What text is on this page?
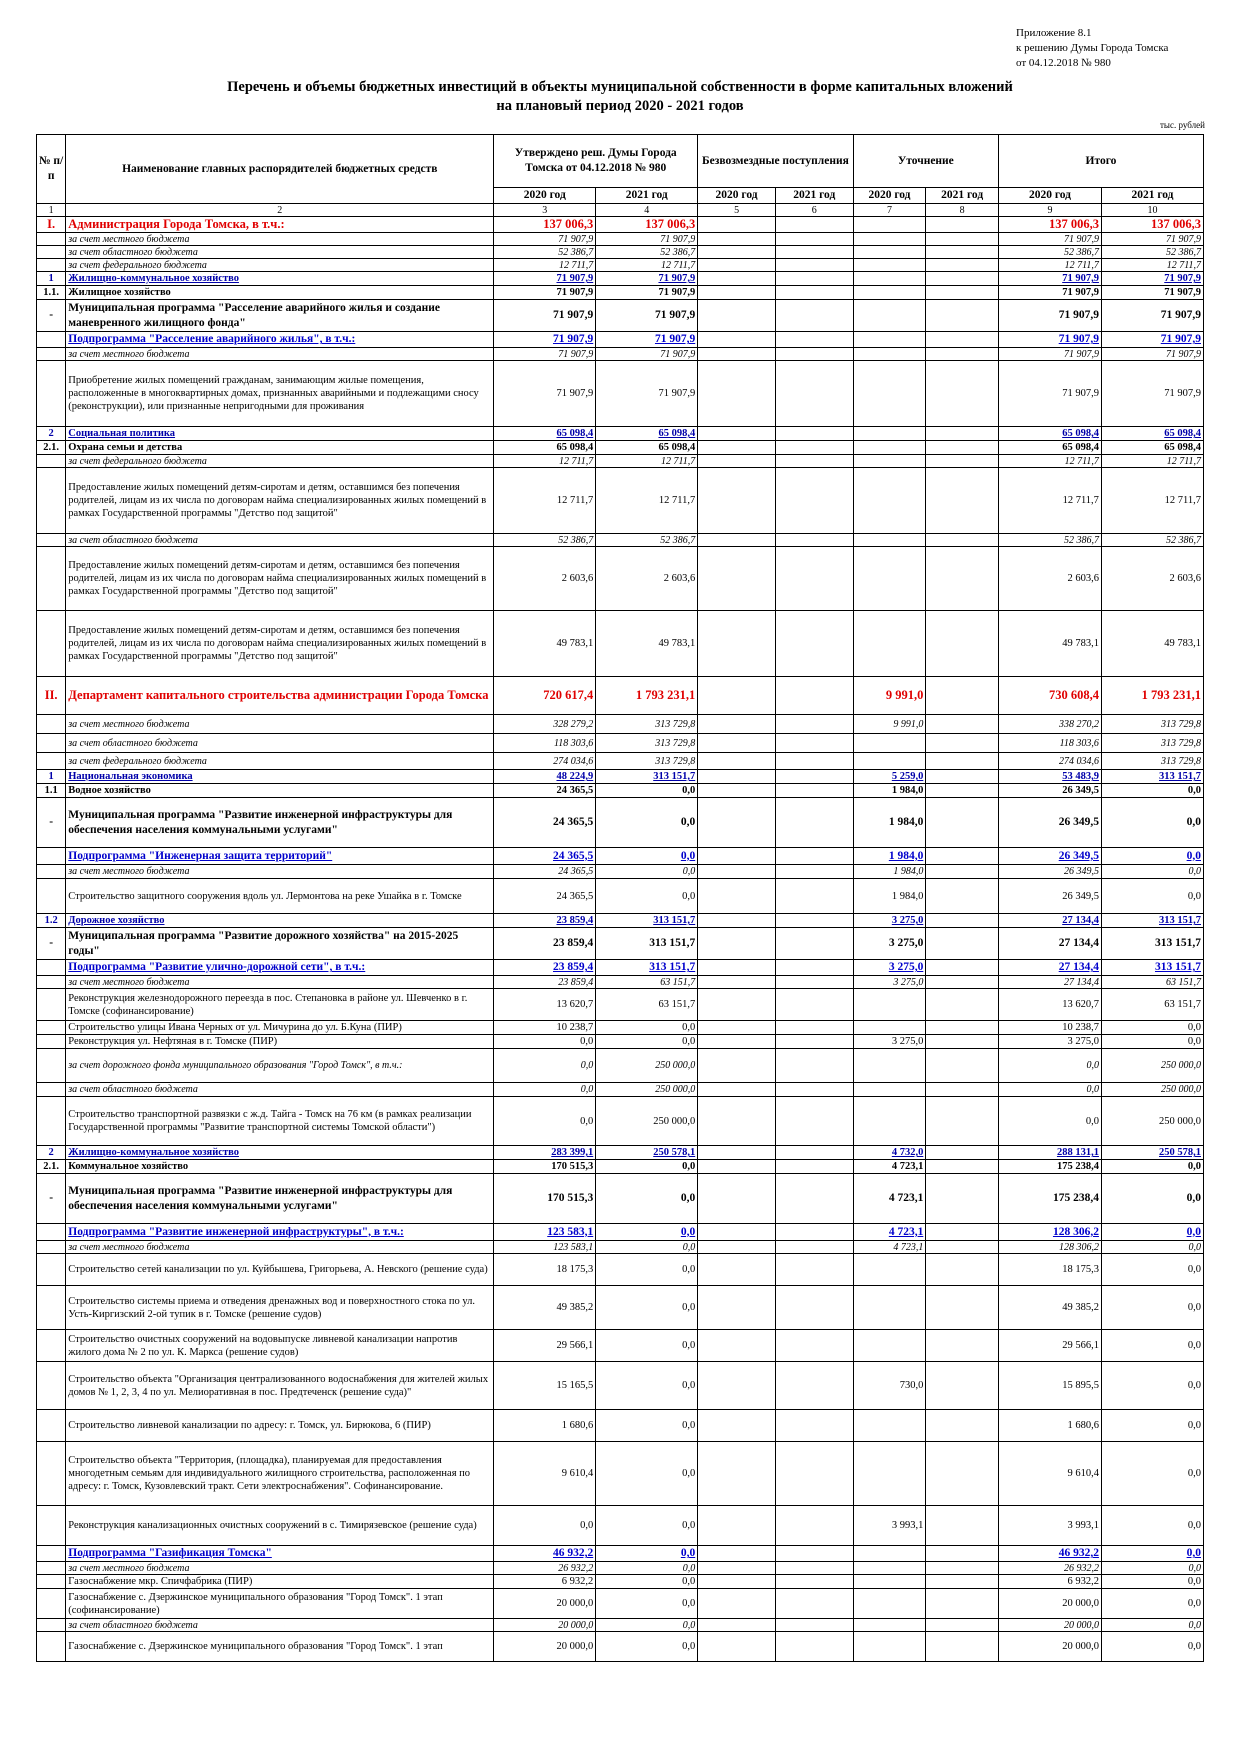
Приложение 8.1
к решению Думы Города Томска
от 04.12.2018 № 980
Перечень и объемы бюджетных инвестиций в объекты муниципальной собственности в форме капитальных вложений
на плановый период 2020 - 2021 годов
тыс. рублей
№ п/п	Наименование главных распорядителей бюджетных средств	Утверждено реш. Думы Города Томска от 04.12.2018 № 980		Безвозмездные поступления		Уточнение		Итого	
		2020 год	2021 год	2020 год	2021 год	2020 год	2021 год	2020 год	2021 год
1	2	3	4	5	6	7	8	9	10
I.	Администрация Города Томска, в т.ч.:	137 006,3	137 006,3					137 006,3	137 006,3
	за счет местного бюджета	71 907,9	71 907,9					71 907,9	71 907,9
	за счет областного бюджета	52 386,7	52 386,7					52 386,7	52 386,7
	за счет федерального бюджета	12 711,7	12 711,7					12 711,7	12 711,7
1	Жилищно-коммунальное хозяйство	71 907,9	71 907,9					71 907,9	71 907,9
1.1.	Жилищное хозяйство	71 907,9	71 907,9					71 907,9	71 907,9
-	Муниципальная программа "Расселение аварийного жилья и создание маневренного жилищного фонда"	71 907,9	71 907,9					71 907,9	71 907,9
	Подпрограмма "Расселение аварийного жилья", в т.ч.:	71 907,9	71 907,9					71 907,9	71 907,9
	за счет местного бюджета	71 907,9	71 907,9					71 907,9	71 907,9
	Приобретение жилых помещений гражданам, занимающим жилые помещения, расположенные в многоквартирных домах, признанных аварийными и подлежащими сносу (реконструкции), или признанные непригодными для проживания	71 907,9	71 907,9					71 907,9	71 907,9
2	Социальная политика	65 098,4	65 098,4					65 098,4	65 098,4
2.1.	Охрана семьи и детства	65 098,4	65 098,4					65 098,4	65 098,4
	за счет федерального бюджета	12 711,7	12 711,7					12 711,7	12 711,7
	Предоставление жилых помещений детям-сиротам и детям, оставшимся без попечения родителей, лицам из их числа по договорам найма специализированных жилых помещений в рамках Государственной программы "Детство под защитой"	12 711,7	12 711,7					12 711,7	12 711,7
	за счет областного бюджета	52 386,7	52 386,7					52 386,7	52 386,7
	Предоставление жилых помещений детям-сиротам и детям, оставшимся без попечения родителей, лицам из их числа по договорам найма специализированных жилых помещений в рамках Государственной программы "Детство под защитой"	2 603,6	2 603,6					2 603,6	2 603,6
	Предоставление жилых помещений детям-сиротам и детям, оставшимся без попечения родителей, лицам из их числа по договорам найма специализированных жилых помещений в рамках Государственной программы "Детство под защитой"	49 783,1	49 783,1					49 783,1	49 783,1
II.	Департамент капитального строительства администрации Города Томска	720 617,4	1 793 231,1			9 991,0		730 608,4	1 793 231,1
	за счет местного бюджета	328 279,2	313 729,8			9 991,0		338 270,2	313 729,8
	за счет областного бюджета	118 303,6	313 729,8					118 303,6	313 729,8
	за счет федерального бюджета	274 034,6	313 729,8					274 034,6	313 729,8
1	Национальная экономика	48 224,9	313 151,7			5 259,0		53 483,9	313 151,7
1.1	Водное хозяйство	24 365,5	0,0			1 984,0		26 349,5	0,0
-	Муниципальная программа "Развитие инженерной инфраструктуры для обеспечения населения коммунальными услугами"	24 365,5	0,0			1 984,0		26 349,5	0,0
	Подпрограмма "Инженерная защита территорий"	24 365,5	0,0			1 984,0		26 349,5	0,0
	за счет местного бюджета	24 365,5	0,0			1 984,0		26 349,5	0,0
	Строительство защитного сооружения вдоль ул. Лермонтова на реке Ушайка в г. Томске	24 365,5	0,0			1 984,0		26 349,5	0,0
1.2	Дорожное хозяйство	23 859,4	313 151,7			3 275,0		27 134,4	313 151,7
-	Муниципальная программа "Развитие дорожного хозяйства" на 2015-2025 годы"	23 859,4	313 151,7			3 275,0		27 134,4	313 151,7
	Подпрограмма "Развитие улично-дорожной сети", в т.ч.:	23 859,4	313 151,7			3 275,0		27 134,4	313 151,7
	за счет местного бюджета	23 859,4	63 151,7			3 275,0		27 134,4	63 151,7
	Реконструкция железнодорожного переезда в пос. Степановка в районе ул. Шевченко в г. Томске (софинансирование)	13 620,7	63 151,7					13 620,7	63 151,7
	Строительство улицы Ивана Черных от ул. Мичурина до ул. Б.Куна (ПИР)	10 238,7	0,0					10 238,7	0,0
	Реконструкция ул. Нефтяная в г. Томске (ПИР)	0,0	0,0			3 275,0		3 275,0	0,0
	за счет дорожного фонда муниципального образования "Город Томск", в т.ч.:	0,0	250 000,0					0,0	250 000,0
	за счет областного бюджета	0,0	250 000,0					0,0	250 000,0
	Строительство транспортной развязки с ж.д. Тайга - Томск на 76 км (в рамках реализации Государственной программы "Развитие транспортной системы Томской области")	0,0	250 000,0					0,0	250 000,0
2	Жилищно-коммунальное хозяйство	283 399,1	250 578,1			4 732,0		288 131,1	250 578,1
2.1.	Коммунальное хозяйство	170 515,3	0,0			4 723,1		175 238,4	0,0
-	Муниципальная программа "Развитие инженерной инфраструктуры для обеспечения населения коммунальными услугами"	170 515,3	0,0			4 723,1		175 238,4	0,0
	Подпрограмма "Развитие инженерной инфраструктуры", в т.ч.:	123 583,1	0,0			4 723,1		128 306,2	0,0
	за счет местного бюджета	123 583,1	0,0			4 723,1		128 306,2	0,0
	Строительство сетей канализации по ул. Куйбышева, Григорьева, А. Невского (решение суда)	18 175,3	0,0					18 175,3	0,0
	Строительство системы приема и отведения дренажных вод и поверхностного стока по ул. Усть-Киргизский 2-ой тупик в г. Томске (решение судов)	49 385,2	0,0					49 385,2	0,0
	Строительство очистных сооружений на водовыпуске ливневой канализации напротив жилого дома № 2 по ул. К. Маркса (решение судов)	29 566,1	0,0					29 566,1	0,0
	Строительство объекта "Организация централизованного водоснабжения для жителей жилых домов № 1, 2, 3, 4 по ул. Мелиоративная в пос. Предтеченск (решение суда)"	15 165,5	0,0			730,0		15 895,5	0,0
	Строительство ливневой канализации по адресу: г. Томск, ул. Бирюкова, 6 (ПИР)	1 680,6	0,0					1 680,6	0,0
	Строительство объекта "Территория, (площадка), планируемая для предоставления многодетным семьям для индивидуального жилищного строительства, расположенная по адресу: г. Томск, Кузовлевский тракт. Сети электроснабжения". Софинансирование.	9 610,4	0,0					9 610,4	0,0
	Реконструкция канализационных очистных сооружений в с. Тимирязевское (решение суда)	0,0	0,0			3 993,1		3 993,1	0,0
	Подпрограмма "Газификация Томска"	46 932,2	0,0					46 932,2	0,0
	за счет местного бюджета	26 932,2	0,0					26 932,2	0,0
	Газоснабжение мкр. Спичфабрика (ПИР)	6 932,2	0,0					6 932,2	0,0
	Газоснабжение с. Дзержинское муниципального образования "Город Томск". 1 этап (софинансирование)	20 000,0	0,0					20 000,0	0,0
	за счет областного бюджета	20 000,0	0,0					20 000,0	0,0
	Газоснабжение с. Дзержинское муниципального образования "Город Томск". 1 этап	20 000,0	0,0					20 000,0	0,0
